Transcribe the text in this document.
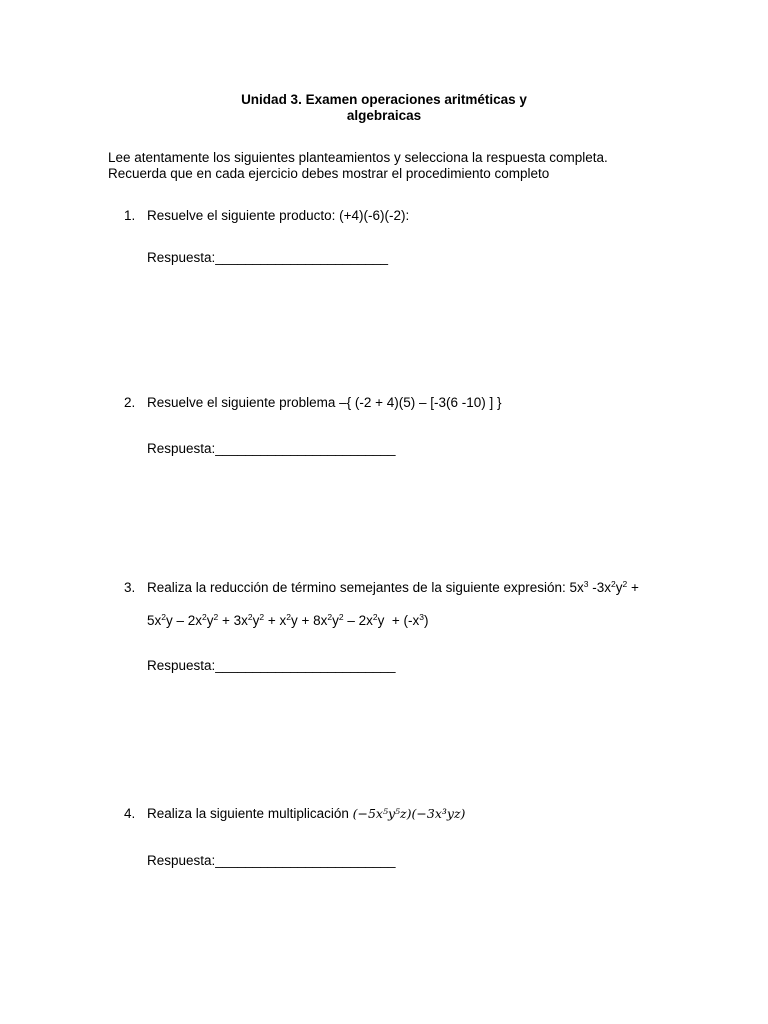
Unidad 3. Examen operaciones aritméticas y
algebraicas
Lee atentamente los siguientes planteamientos y selecciona la respuesta completa.
Recuerda que en cada ejercicio debes mostrar el procedimiento completo
1. Resuelve el siguiente producto: (+4)(-6)(-2):
Respuesta:_______________________
2. Resuelve el siguiente problema –{ (-2 + 4)(5) – [-3(6 -10) ] }
Respuesta:________________________
3. Realiza la reducción de término semejantes de la siguiente expresión: $5x^3$ $-3x^2y^2$ +
$5x^2y - 2x^2y^2 + 3x^2y^2 + x^2y + 8x^2y^2 - 2x^2y + (-x^3)$
Respuesta:________________________
4. Realiza la siguiente multiplicación (−5x⁵y⁵z)(−3x³yz)
Respuesta:________________________
